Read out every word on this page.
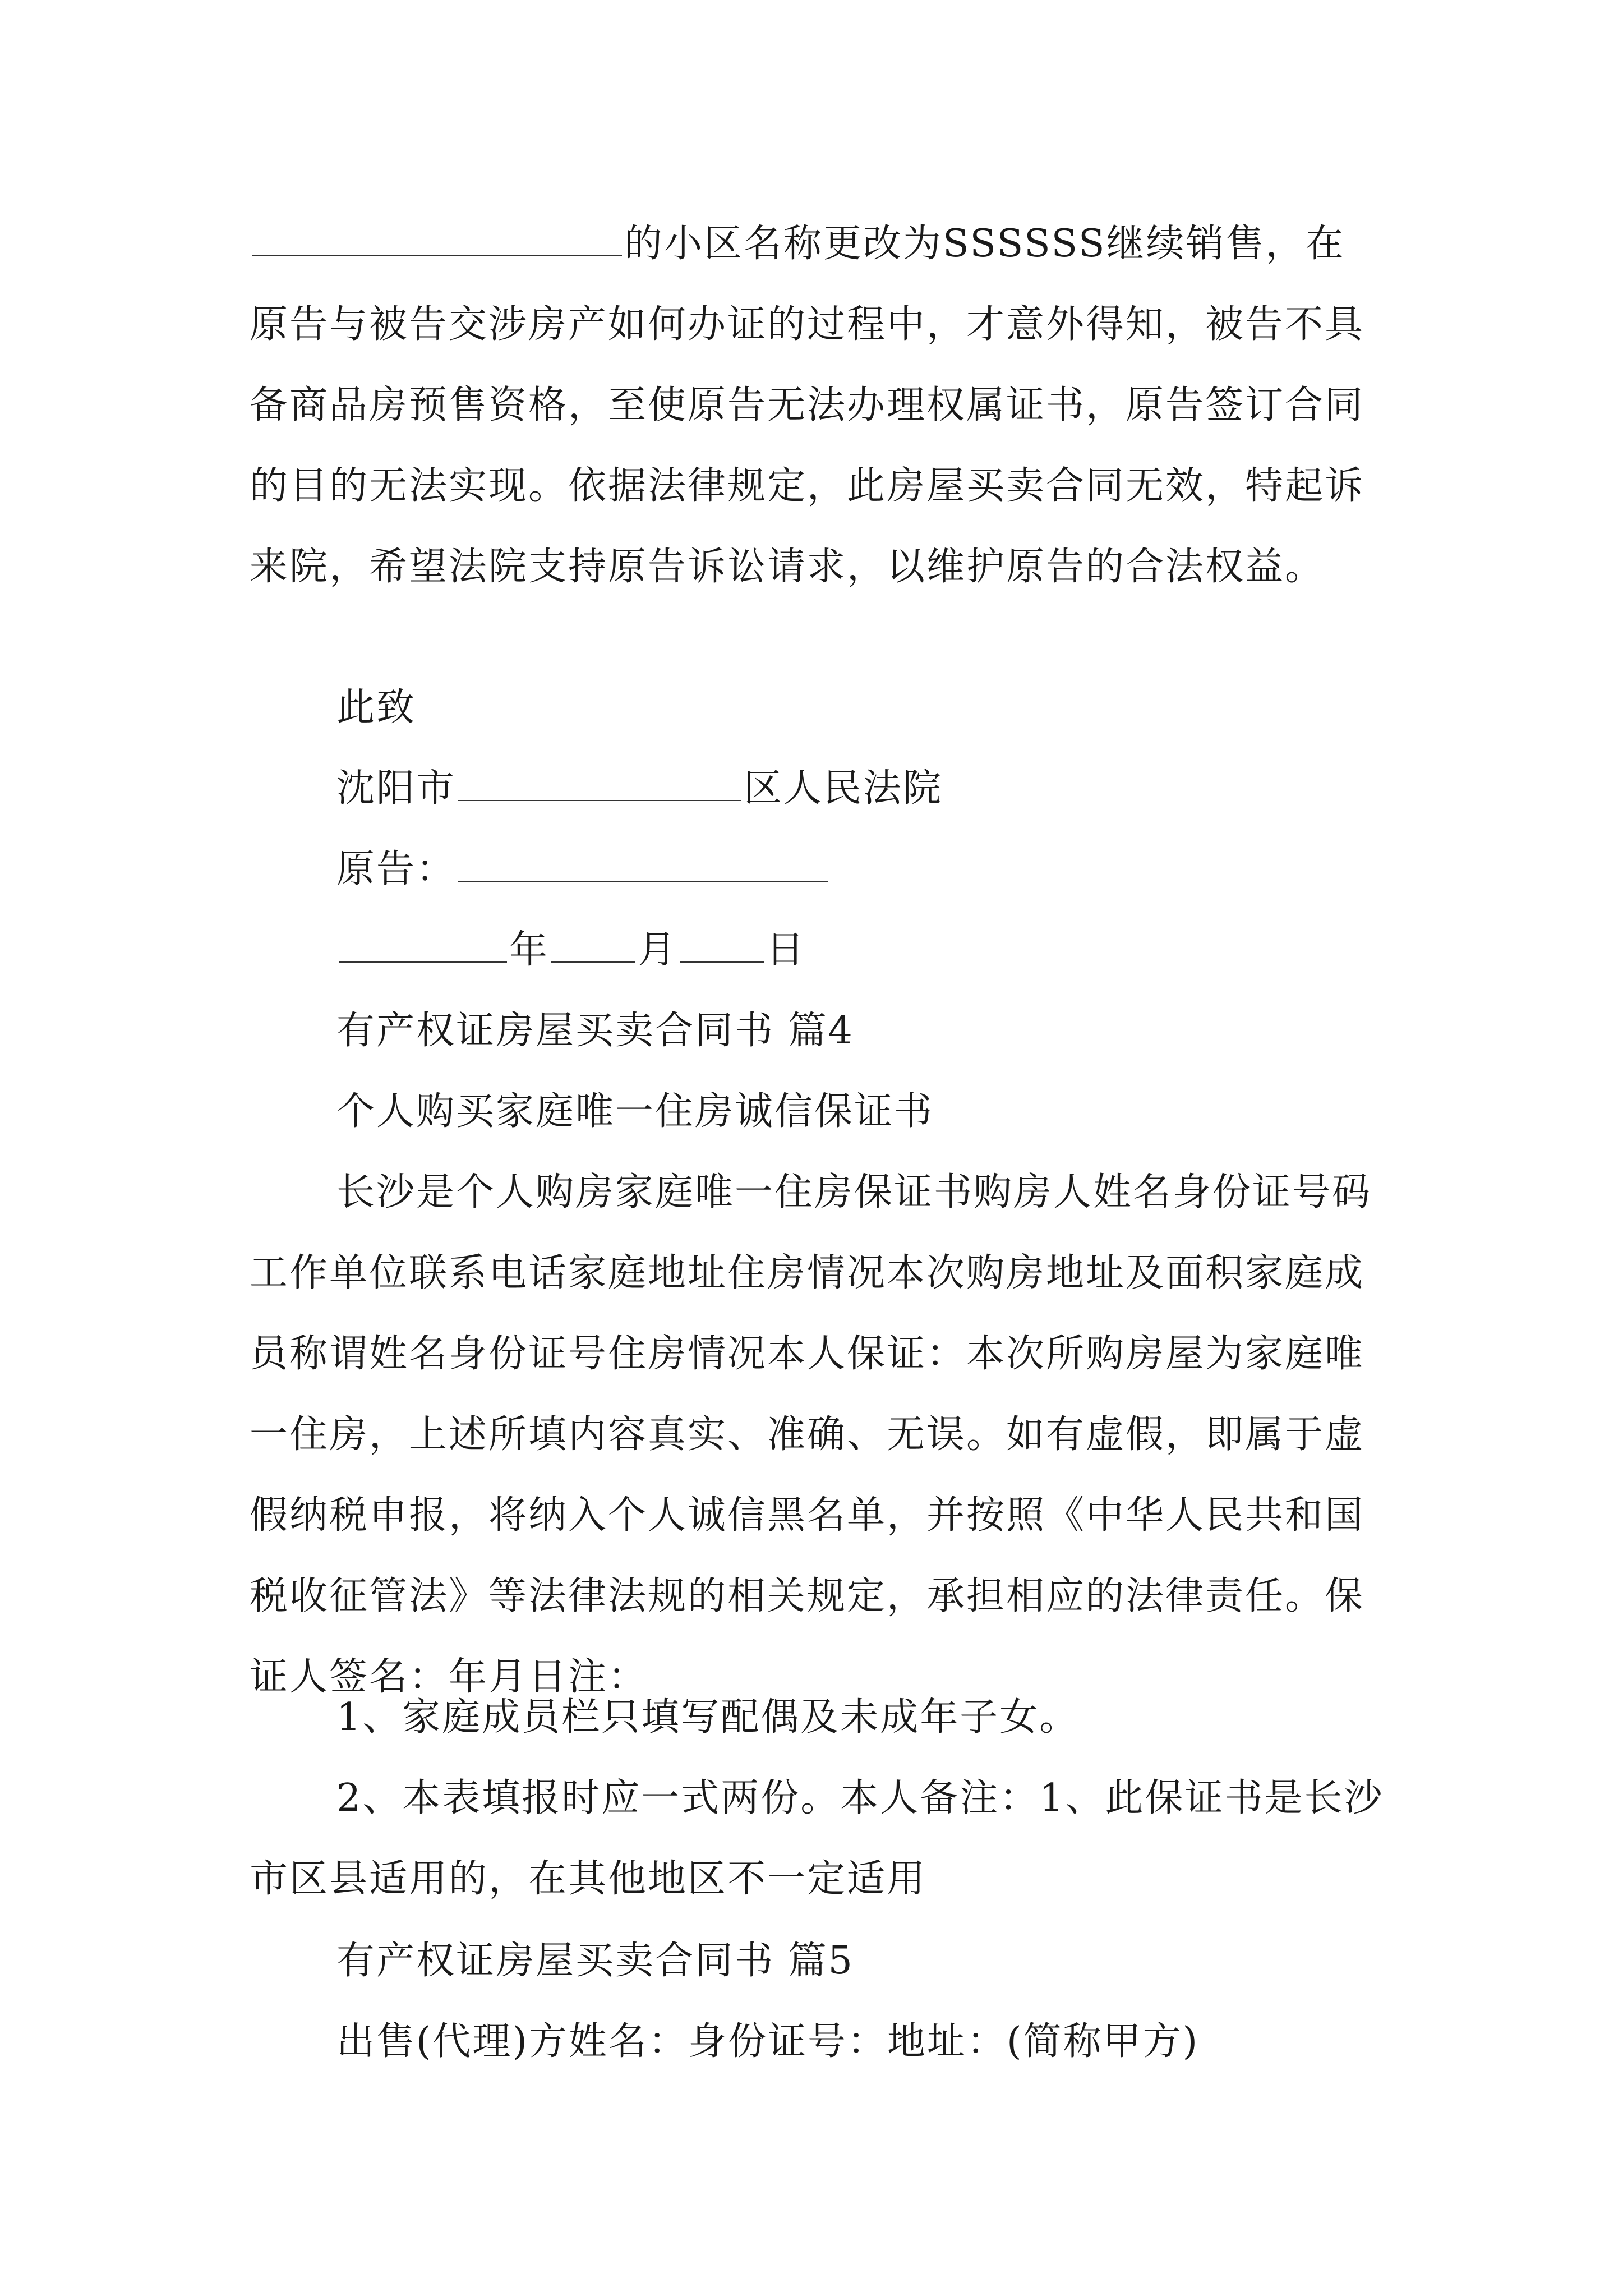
的小区名称更改为SSSSSS继续销售，在
原告与被告交涉房产如何办证的过程中，才意外得知，被告不具备商品房预售资格，至使原告无法办理权属证书，原告签订合同的目的无法实现。依据法律规定，此房屋买卖合同无效，特起诉来院，希望法院支持原告诉讼请求，以维护原告的合法权益。
此致
沈阳市	区人民法院
原告：
年 月 日
有产权证房屋买卖合同书 篇4
个人购买家庭唯一住房诚信保证书
长沙是个人购房家庭唯一住房保证书购房人姓名身份证号码工作单位联系电话家庭地址住房情况本次购房地址及面积家庭成员称谓姓名身份证号住房情况本人保证：本次所购房屋为家庭唯一住房，上述所填内容真实、准确、无误。如有虚假，即属于虚假纳税申报，将纳入个人诚信黑名单，并按照《中华人民共和国税收征管法》等法律法规的相关规定，承担相应的法律责任。保证人签名：年月日注：
1、家庭成员栏只填写配偶及未成年子女。
2、本表填报时应一式两份。本人备注：1、此保证书是长沙市区县适用的，在其他地区不一定适用
有产权证房屋买卖合同书 篇5
出售(代理)方姓名：身份证号：地址：(简称甲方)
